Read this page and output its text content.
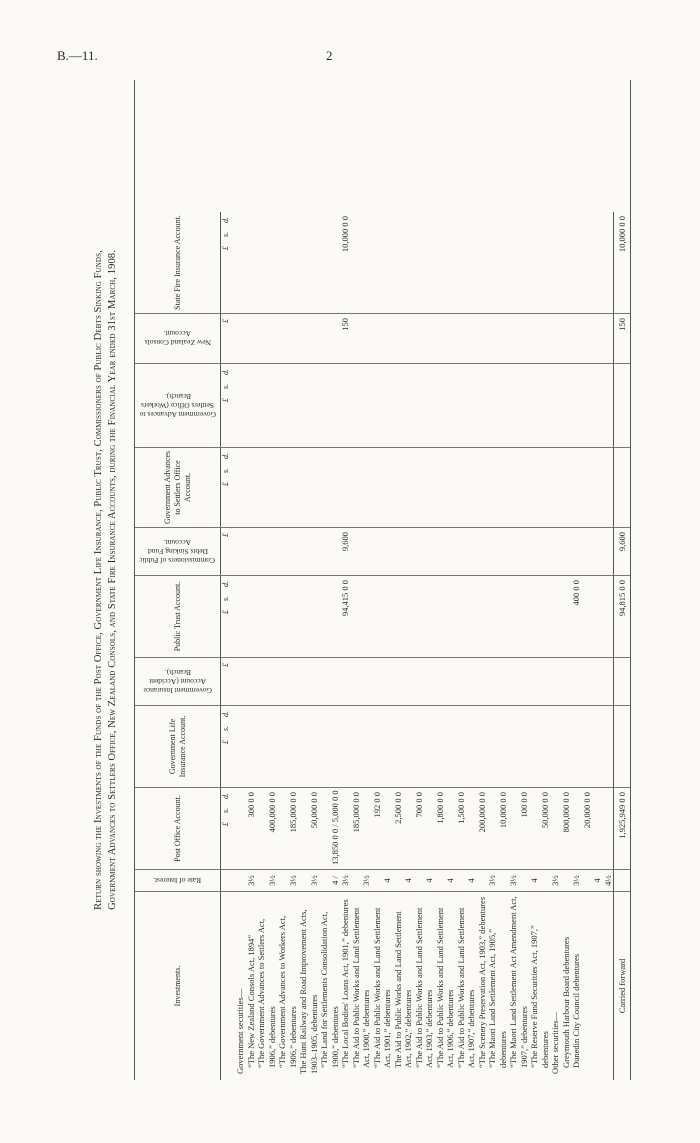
B.—11.	2
Return showing the Investments of the Funds of the Post Office, Government Life Insurance, Public Trust, Commissioners of Public Debts Sinking Funds, Government Advances to Settlers Office, New Zealand Consols, and State Fire Insurance Accounts, during the Financial Year ended 31st March, 1908.
Investments.
Rate of Interest.
Post Office Account.
Government Life Insurance Account.
Government Insurance Account (Accident Branch).
Public Trust Account.
Commissioners of Public Debts Sinking Fund Account.
Government Advances to Settlers Office Account.
Government Advances to Settlers Office (Workers Branch).
New Zealand Consols Account.
State Fire Insurance Account.
£
s.
d.
£
s.
d.
£
£
s.
d.
£
£
s.
d.
£
s.
d.
£
£
s.
d.
Government securities— “The New Zealand Consols Act, 1894” “The Government Advances to Settlers Act, 1906,” debentures “The Government Advances to Workers Act, 1906,” debentures The Hunt Railway and Road Improvement Acts, 1903–1905, debentures “The Land for Settlements Consolidation Act, 1900,” debentures “The Local Bodies' Loans Act, 1901,” debentures “The Aid to Public Works and Land Settlement Act, 1900,” debentures “The Aid to Public Works and Land Settlement Act, 1901,” debentures The Aid to Public Works and Land Settlement Act, 1902,” debentures “The Aid to Public Works and Land Settlement Act, 1903,” debentures “The Aid to Public Works and Land Settlement Act, 1906,” debentures “The Aid to Public Works and Land Settlement Act, 1907,” debentures “The Scenery Preservation Act, 1903,” debentures “The Maori Land Settlement Act, 1905,” debentures “The Maori Land Settlement Act Amendment Act, 1907,” debentures “The Reserve Fund Securities Act, 1907,” debentures Other securities— Greymouth Harbour Board debentures Dunedin City Council debentures

3½ 3½ 3½ 3½ 4 / 3½ 3½ 4 4 4 4 4 3½ 3½ 4 3½ 3½
4 4½

300 0 0 400,000 0 0 185,000 0 0 50,000 0 0 13,850 0 0 / 5,000 0 0 185,000 0 0 192 0 0 2,500 0 0 700 0 0 1,800 0 0 1,500 0 0 200,000 0 0 10,000 0 0 100 0 0 50,000 0 0 800,000 0 0
20,000 0 0

94,415 0 0	400 0 0
9,600
150
10,000 0 0
Carried forward
1,925,949 0 0
94,815 0 0
9,600
150
10,000 0 0
